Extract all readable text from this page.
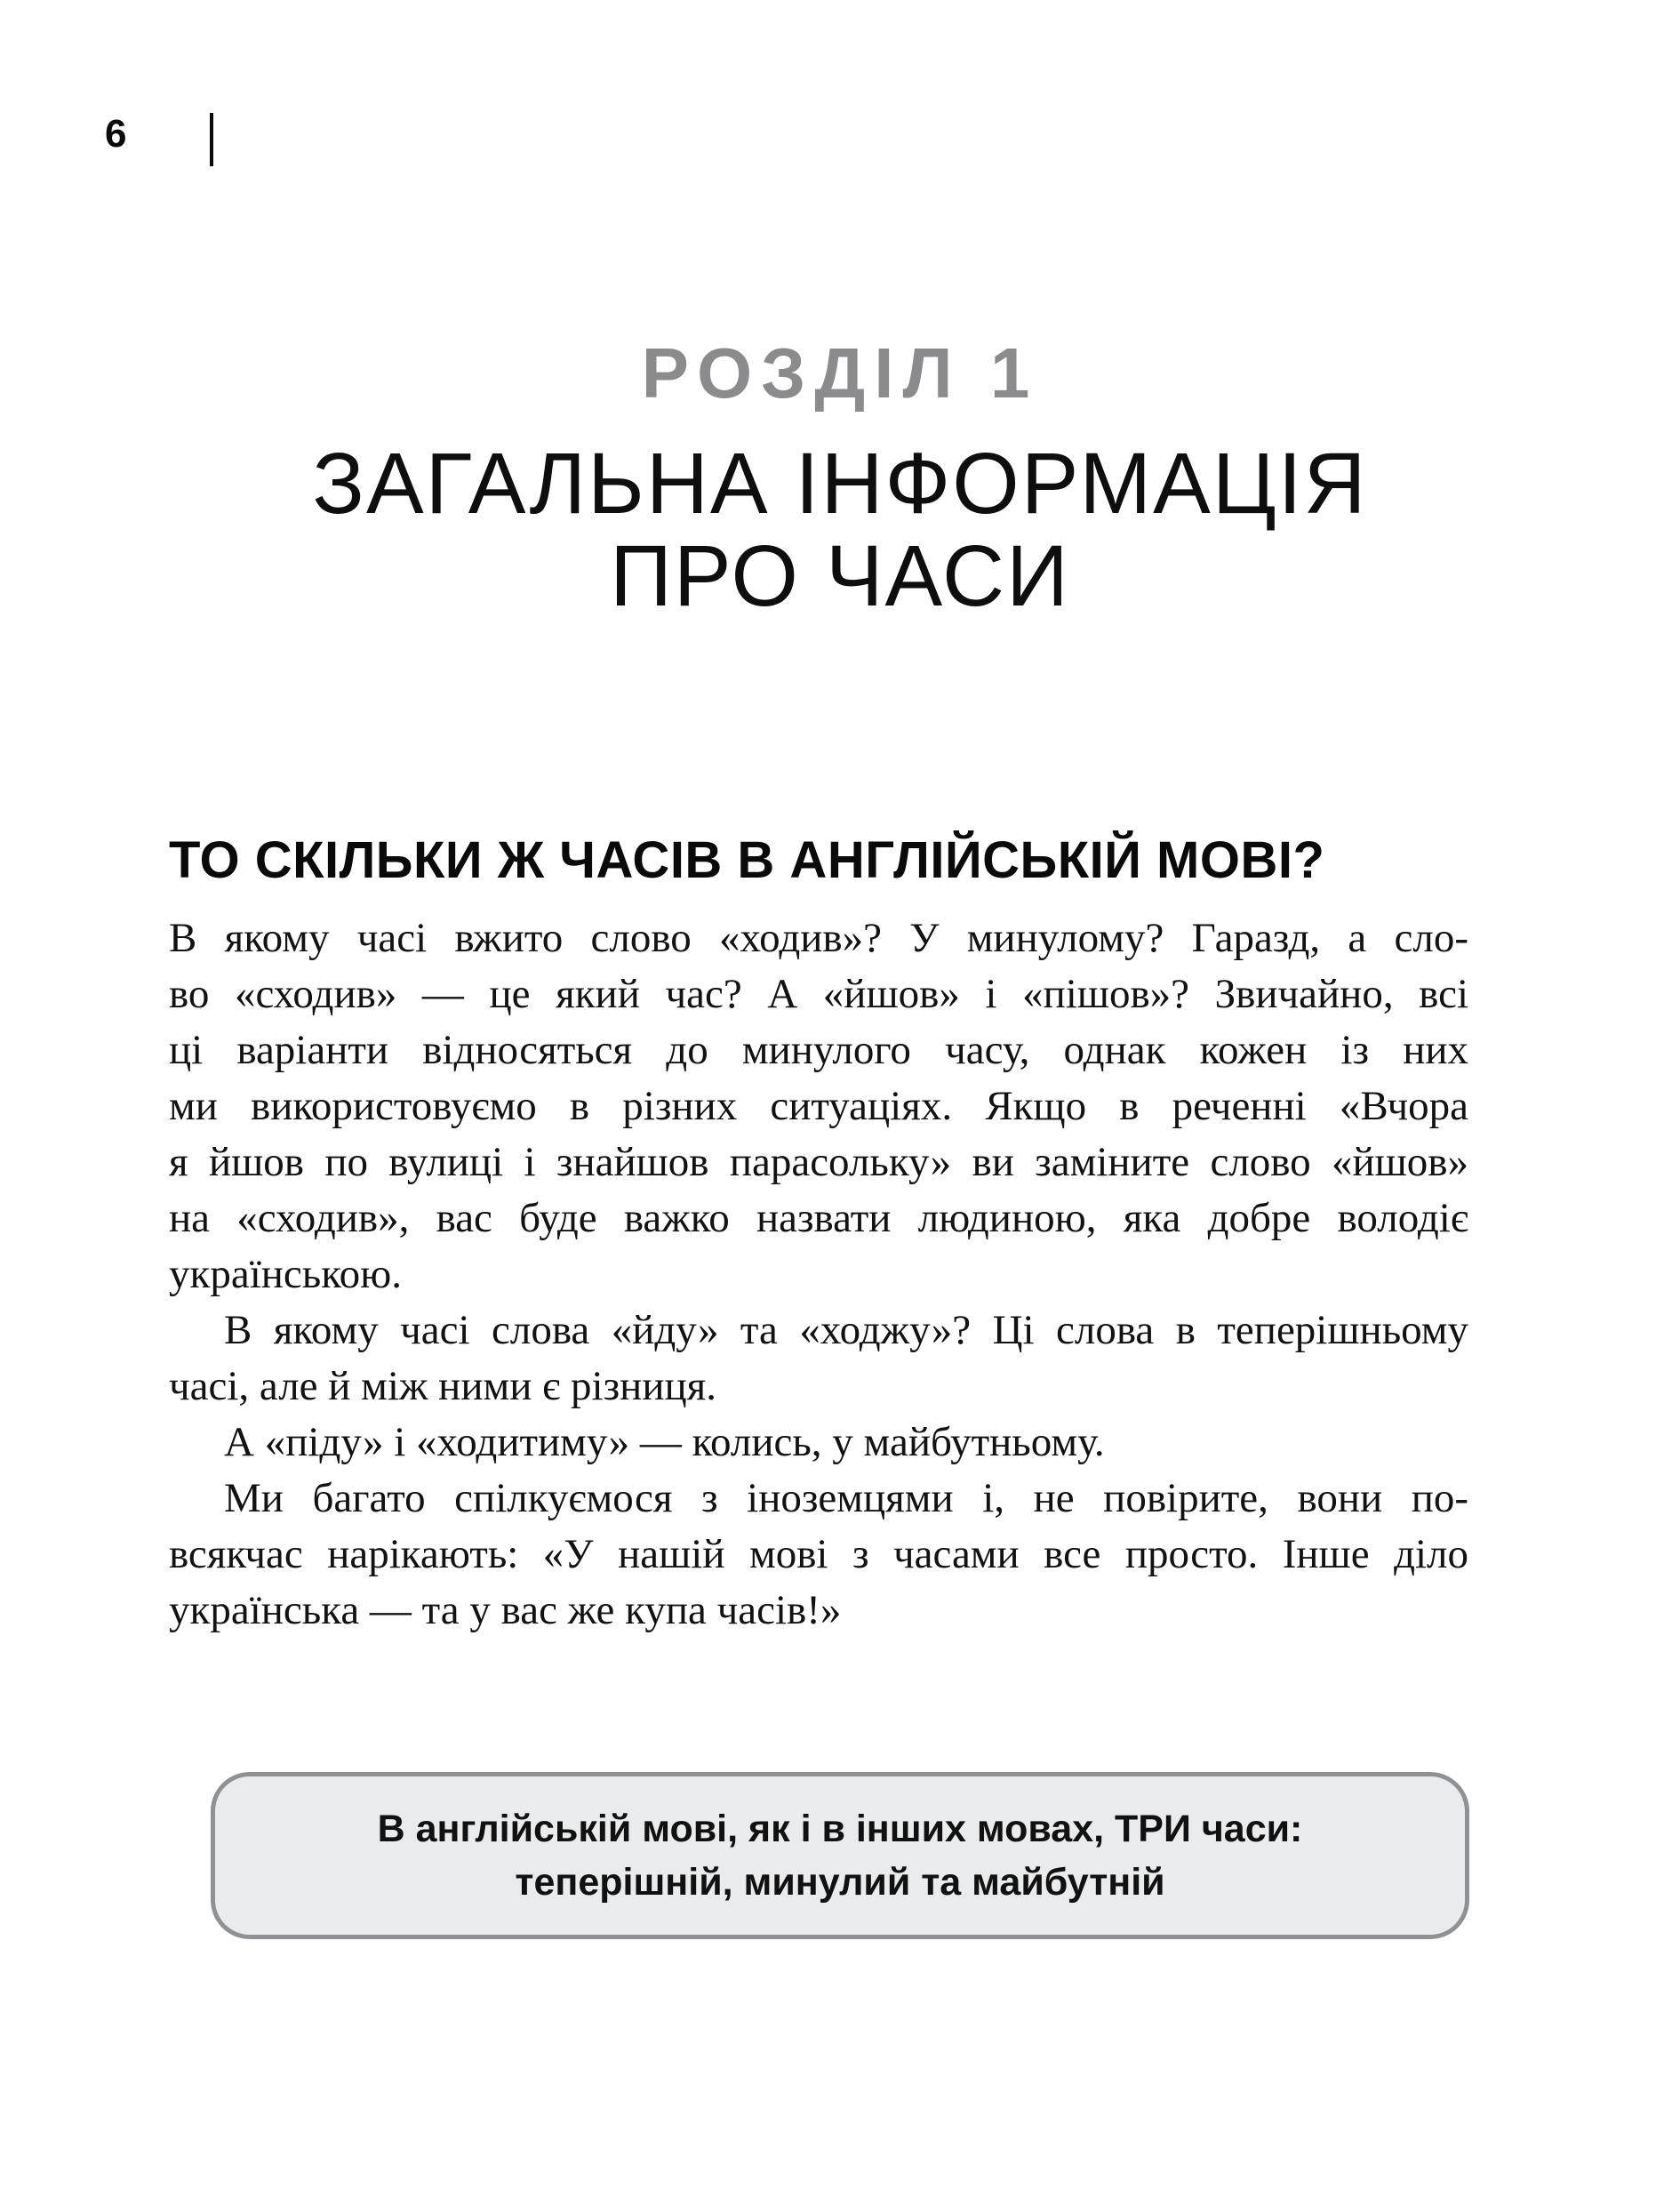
6
РОЗДІЛ 1
ЗАГАЛЬНА ІНФОРМАЦІЯ
ПРО ЧАСИ
ТО СКІЛЬКИ Ж ЧАСІВ В АНГЛІЙСЬКІЙ МОВІ?
В якому часі вжито слово «ходив»? У минулому? Гаразд, а сло-
во «сходив» — це який час? А «йшов» і «пішов»? Звичайно, всі
ці варіанти відносяться до минулого часу, однак кожен із них
ми використовуємо в різних ситуаціях. Якщо в реченні «Вчора
я йшов по вулиці і знайшов парасольку» ви заміните слово «йшов»
на «сходив», вас буде важко назвати людиною, яка добре володіє
українською.
В якому часі слова «йду» та «ходжу»? Ці слова в теперішньому
часі, але й між ними є різниця.
А «піду» і «ходитиму» — колись, у майбутньому.
Ми багато спілкуємося з іноземцями і, не повірите, вони по-
всякчас нарікають: «У нашій мові з часами все просто. Інше діло
українська — та у вас же купа часів!»
В англійській мові, як і в інших мовах, ТРИ часи:
теперішній, минулий та майбутній
